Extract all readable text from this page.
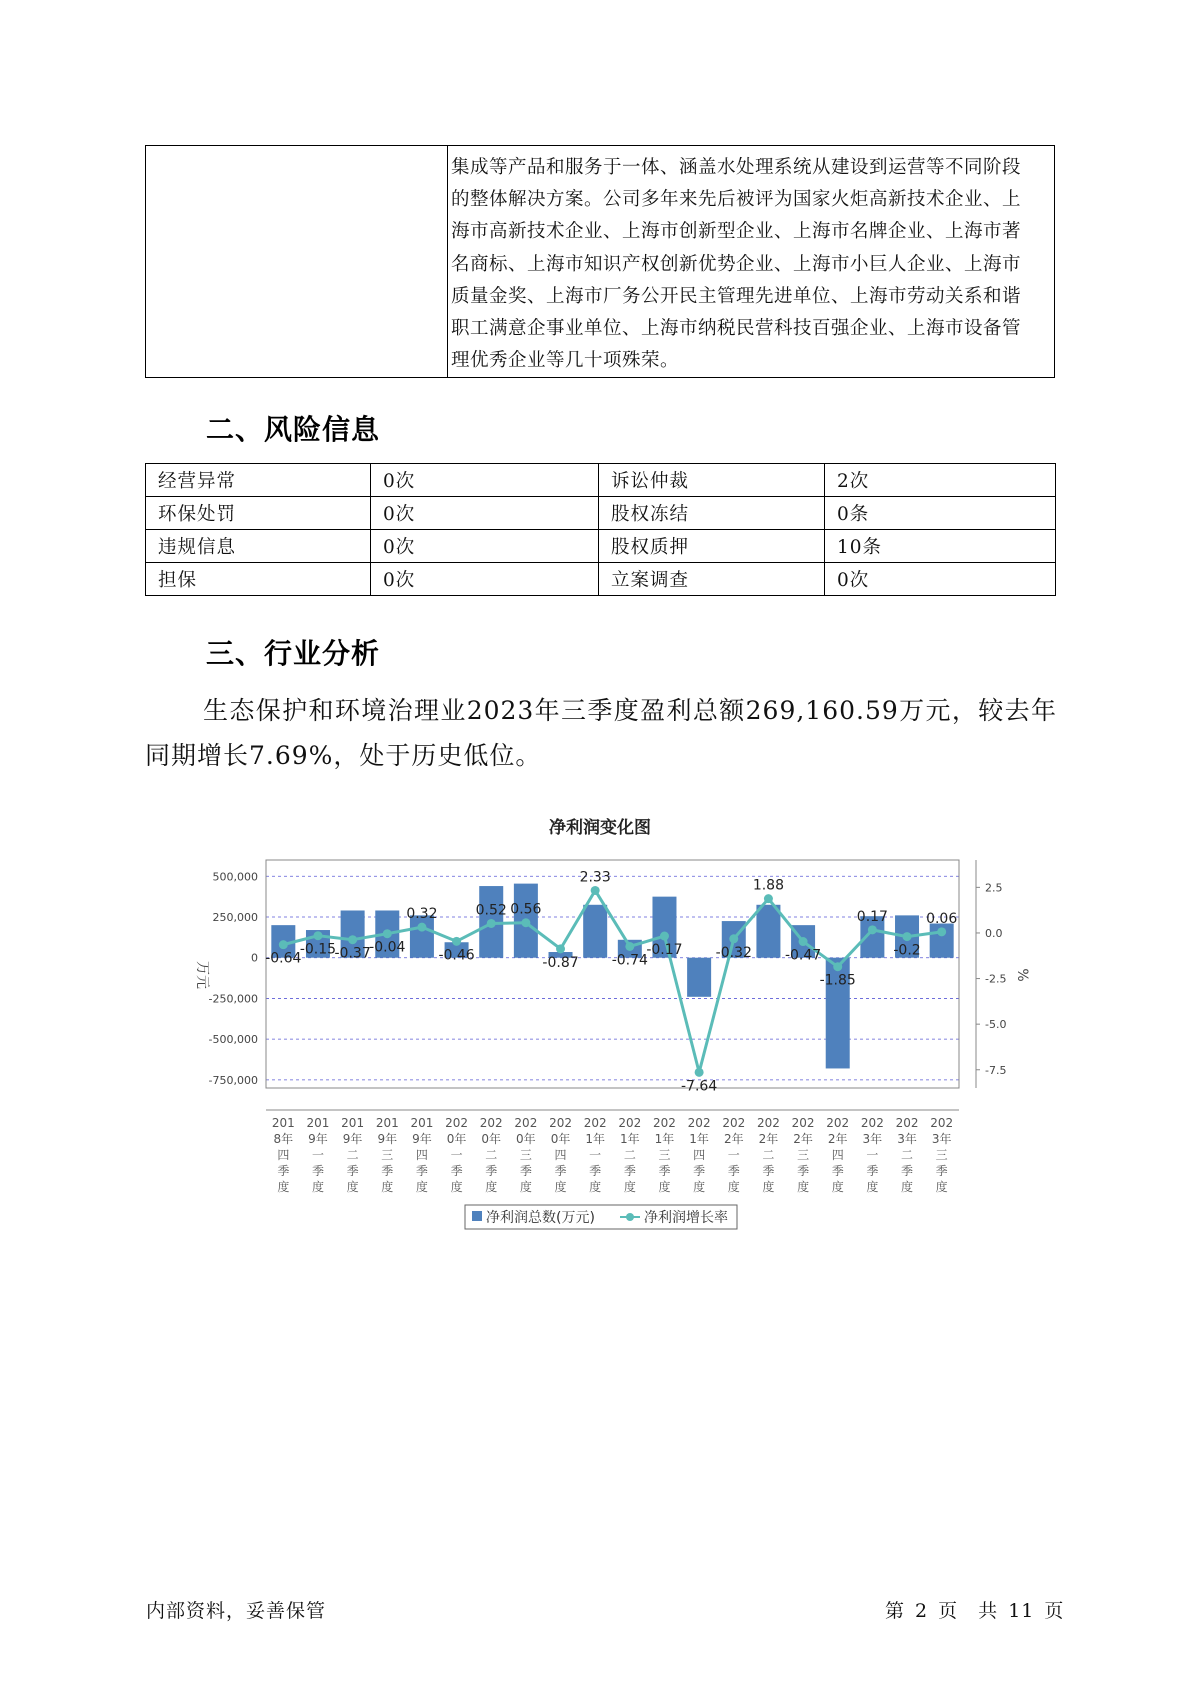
集成等产品和服务于一体、涵盖水处理系统从建设到运营等不同阶段
的整体解决方案。公司多年来先后被评为国家火炬高新技术企业、上
海市高新技术企业、上海市创新型企业、上海市名牌企业、上海市著
名商标、上海市知识产权创新优势企业、上海市小巨人企业、上海市
质量金奖、上海市厂务公开民主管理先进单位、上海市劳动关系和谐
职工满意企事业单位、上海市纳税民营科技百强企业、上海市设备管
理优秀企业等几十项殊荣。
二、风险信息
经营异常	0次	诉讼仲裁	2次
环保处罚	0次	股权冻结	0条
违规信息	0次	股权质押	10条
担保	0次	立案调查	0次
三、行业分析

生态保护和环境治理业2023年三季度盈利总额269,160.59万元，较去年同期增长7.69%，处于历史低位。

净利润变化图
500,000
250,000
0
-250,000
-500,000
-750,000
2.5
0.0
-2.5
-5.0
-7.5
万元	%
-0.64
-0.15
-0.37
-0.04
0.32
-0.46
0.52 0.56
-0.87
2.33
-0.74
-0.17
-7.64
-0.32
1.88
-0.47
-1.85
0.17
-0.2
0.06
201
8年
四
季
度
201
9年
一
季
度
201
9年
二
季
度
201
9年
三
季
度
201
9年
四
季
度
202
0年
一
季
度
202
0年
二
季
度
202
0年
三
季
度
202
0年
四
季
度
202
1年
一
季
度
202
1年
二
季
度
202
1年
三
季
度
202
1年
四
季
度
202
2年
一
季
度
202
2年
二
季
度
202
2年
三
季
度
202
2年
四
季
度
202
3年
一
季
度
202
3年
二
季
度
202
3年
三
季
度
净利润总数(万元)	净利润增长率
内部资料，妥善保管	第 2 页　共 11 页
